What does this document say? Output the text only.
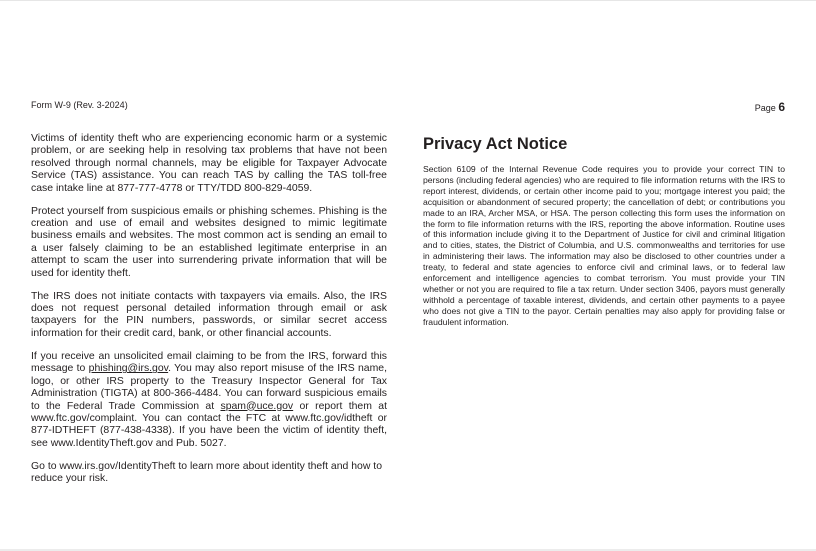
Form W-9 (Rev. 3-2024)	Page 6

Victims of identity theft who are experiencing economic harm or a systemic problem, or are seeking help in resolving tax problems that have not been resolved through normal channels, may be eligible for Taxpayer Advocate Service (TAS) assistance. You can reach TAS by calling the TAS toll-free case intake line at 877-777-4778 or TTY/TDD 800-829-4059.

Protect yourself from suspicious emails or phishing schemes. Phishing is the creation and use of email and websites designed to mimic legitimate business emails and websites. The most common act is sending an email to a user falsely claiming to be an established legitimate enterprise in an attempt to scam the user into surrendering private information that will be used for identity theft.

The IRS does not initiate contacts with taxpayers via emails. Also, the IRS does not request personal detailed information through email or ask taxpayers for the PIN numbers, passwords, or similar secret access information for their credit card, bank, or other financial accounts.

If you receive an unsolicited email claiming to be from the IRS, forward this message to phishing@irs.gov. You may also report misuse of the IRS name, logo, or other IRS property to the Treasury Inspector General for Tax Administration (TIGTA) at 800-366-4484. You can forward suspicious emails to the Federal Trade Commission at spam@uce.gov or report them at www.ftc.gov/complaint. You can contact the FTC at www.ftc.gov/idtheft or 877-IDTHEFT (877-438-4338). If you have been the victim of identity theft, see www.IdentityTheft.gov and Pub. 5027.

Go to www.irs.gov/IdentityTheft to learn more about identity theft and how to reduce your risk.

Privacy Act Notice

Section 6109 of the Internal Revenue Code requires you to provide your correct TIN to persons (including federal agencies) who are required to file information returns with the IRS to report interest, dividends, or certain other income paid to you; mortgage interest you paid; the acquisition or abandonment of secured property; the cancellation of debt; or contributions you made to an IRA, Archer MSA, or HSA. The person collecting this form uses the information on the form to file information returns with the IRS, reporting the above information. Routine uses of this information include giving it to the Department of Justice for civil and criminal litigation and to cities, states, the District of Columbia, and U.S. commonwealths and territories for use in administering their laws. The information may also be disclosed to other countries under a treaty, to federal and state agencies to enforce civil and criminal laws, or to federal law enforcement and intelligence agencies to combat terrorism. You must provide your TIN whether or not you are required to file a tax return. Under section 3406, payors must generally withhold a percentage of taxable interest, dividends, and certain other payments to a payee who does not give a TIN to the payor. Certain penalties may also apply for providing false or fraudulent information.
